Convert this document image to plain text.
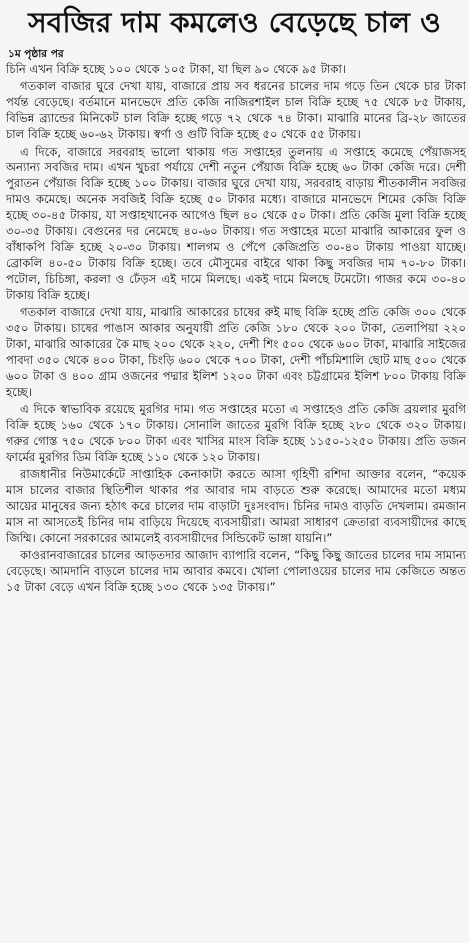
সবজির দাম কমলেও বেড়েছে চাল ও
১ম পৃষ্ঠার পর

চিনি এখন বিক্রি হচ্ছে ১০০ থেকে ১০৫ টাকা, যা ছিল ৯০ থেকে ৯৫ টাকা।

গতকাল বাজার ঘুরে দেখা যায়, বাজারে প্রায় সব ধরনের চালের দাম গড়ে তিন থেকে চার টাকা পর্যন্ত বেড়েছে। বর্তমানে মানভেদে প্রতি কেজি নাজিরশাইল চাল বিক্রি হচ্ছে ৭৫ থেকে ৮৫ টাকায়, বিভিন্ন ব্র্যান্ডের মিনিকেট চাল বিক্রি হচ্ছে গড়ে ৭২ থেকে ৭৪ টাকা। মাঝারি মানের ব্রি-২৮ জাতের চাল বিক্রি হচ্ছে ৬০-৬২ টাকায়। স্বর্ণা ও গুটি বিক্রি হচ্ছে ৫০ থেকে ৫৫ টাকায়।

এ দিকে, বাজারে সরবরাহ ভালো থাকায় গত সপ্তাহের তুলনায় এ সপ্তাহে কমেছে পেঁয়াজসহ অন্যান্য সবজির দাম। এখন খুচরা পর্যায়ে দেশী নতুন পেঁয়াজ বিক্রি হচ্ছে ৬০ টাকা কেজি দরে। দেশী পুরাতন পেঁয়াজ বিক্রি হচ্ছে ১০০ টাকায়। বাজার ঘুরে দেখা যায়, সরবরাহ বাড়ায় শীতকালীন সবজির দামও কমেছে। অনেক সবজিই বিক্রি হচ্ছে ৫০ টাকার মধ্যে। বাজারে মানভেদে শিমের কেজি বিক্রি হচ্ছে ৩০-৪৫ টাকায়, যা সপ্তাহখানেক আগেও ছিল ৪০ থেকে ৫০ টাকা। প্রতি কেজি মুলা বিক্রি হচ্ছে ৩০-৩৫ টাকায়। বেগুনের দর নেমেছে ৪০-৬০ টাকায়। গত সপ্তাহের মতো মাঝারি আকারের ফুল ও বাঁধাকপি বিক্রি হচ্ছে ২০-৩০ টাকায়। শালগম ও পেঁপে কেজিপ্রতি ৩০-৪০ টাকায় পাওয়া যাচ্ছে। ব্রোকলি ৪০-৫০ টাকায় বিক্রি হচ্ছে। তবে মৌসুমের বাইরে থাকা কিছু সবজির দাম ৭০-৮০ টাকা। পটোল, চিচিঙ্গা, করলা ও ঢেঁড়স এই দামে মিলছে। একই দামে মিলছে টমেটো। গাজর কমে ৩০-৪০ টাকায় বিক্রি হচ্ছে।

গতকাল বাজারে দেখা যায়, মাঝারি আকারের চাষের রুই মাছ বিক্রি হচ্ছে প্রতি কেজি ৩০০ থেকে ৩৫০ টাকায়। চাষের পাঙাস আকার অনুযায়ী প্রতি কেজি ১৮০ থেকে ২০০ টাকা, তেলাপিয়া ২২০ টাকা, মাঝারি আকারের কৈ মাছ ২০০ থেকে ২২০, দেশী শিং ৫০০ থেকে ৬০০ টাকা, মাঝারি সাইজের পাবদা ৩৫০ থেকে ৪০০ টাকা, চিংড়ি ৬০০ থেকে ৭০০ টাকা, দেশী পাঁচমিশালি ছোট মাছ ৫০০ থেকে ৬০০ টাকা ও ৪০০ গ্রাম ওজনের পদ্মার ইলিশ ১২০০ টাকা এবং চট্টগ্রামের ইলিশ ৮০০ টাকায় বিক্রি হচ্ছে।

এ দিকে স্বাভাবিক রয়েছে মুরগির দাম। গত সপ্তাহের মতো এ সপ্তাহেও প্রতি কেজি ব্রয়লার মুরগি বিক্রি হচ্ছে ১৬০ থেকে ১৭০ টাকায়। সোনালি জাতের মুরগি বিক্রি হচ্ছে ২৮০ থেকে ৩২০ টাকায়। গরুর গোস্ত ৭৫০ থেকে ৮০০ টাকা এবং খাসির মাংস বিক্রি হচ্ছে ১১৫০-১২৫০ টাকায়। প্রতি ডজন ফার্মের মুরগির ডিম বিক্রি হচ্ছে ১১০ থেকে ১২০ টাকায়।

রাজধানীর নিউমার্কেটে সাপ্তাহিক কেনাকাটা করতে আসা গৃহিণী রশিদা আক্তার বলেন, “কয়েক মাস চালের বাজার স্থিতিশীল থাকার পর আবার দাম বাড়তে শুরু করেছে। আমাদের মতো মধ্যম আয়ের মানুষের জন্য হঠাৎ করে চালের দাম বাড়াটা দুঃসংবাদ। চিনির দামও বাড়তি দেখলাম। রমজান মাস না আসতেই চিনির দাম বাড়িয়ে দিয়েছে ব্যবসায়ীরা। আমরা সাধারণ ক্রেতারা ব্যবসায়ীদের কাছে জিম্মি। কোনো সরকারের আমলেই ব্যবসায়ীদের সিন্ডিকেট ভাঙ্গা যায়নি।”

কাওরানবাজারের চালের আড়তদার আজাদ ব্যাপারি বলেন, “কিছু কিছু জাতের চালের দাম সামান্য বেড়েছে। আমদানি বাড়লে চালের দাম আবার কমবে। খোলা পোলাওয়ের চালের দাম কেজিতে অন্তত ১৫ টাকা বেড়ে এখন বিক্রি হচ্ছে ১৩০ থেকে ১৩৫ টাকায়।”
